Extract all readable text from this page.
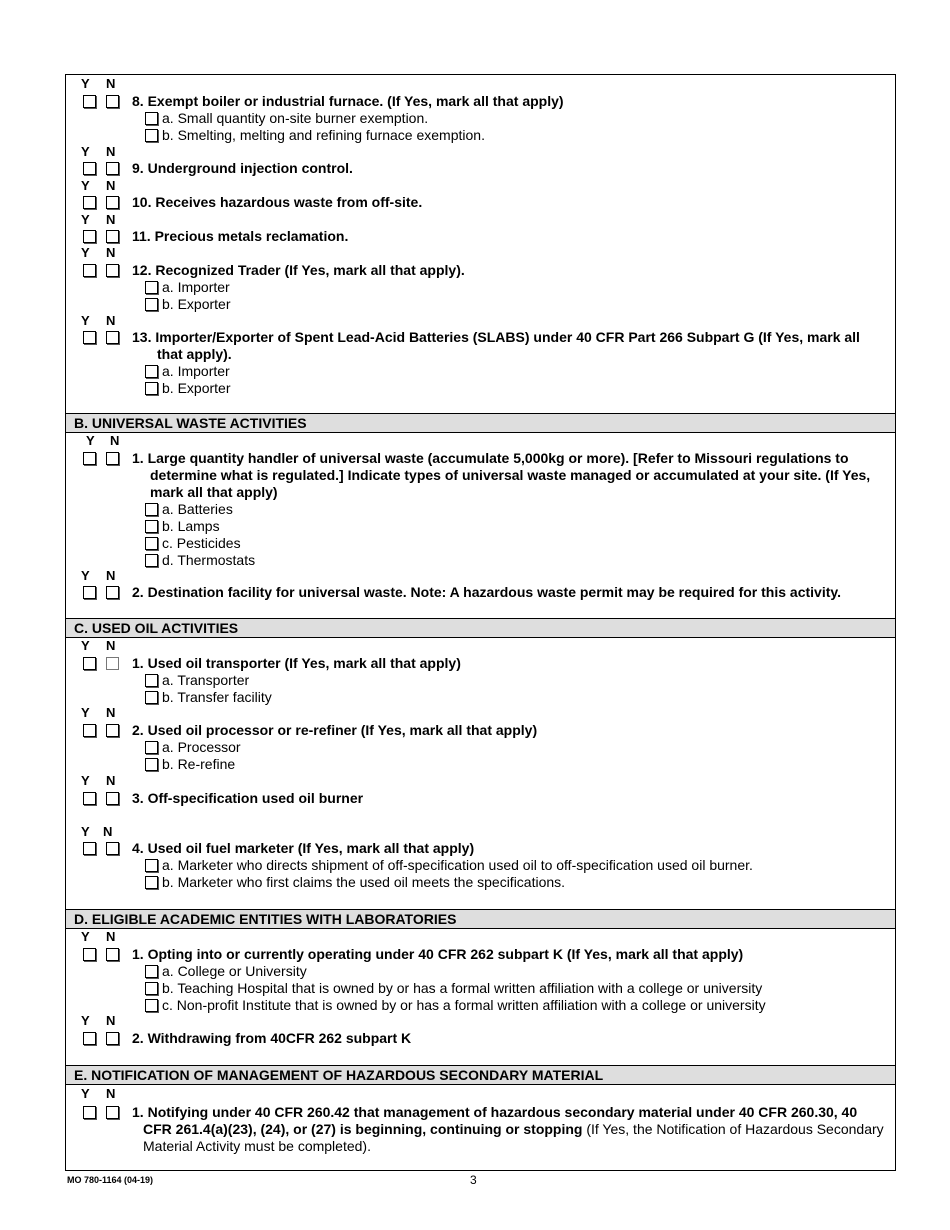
Y N
8. Exempt boiler or industrial furnace. (If Yes, mark all that apply)
a. Small quantity on-site burner exemption.
b. Smelting, melting and refining furnace exemption.
Y N
9. Underground injection control.
Y N
10. Receives hazardous waste from off-site.
Y N
11. Precious metals reclamation.
Y N
12. Recognized Trader (If Yes, mark all that apply).
a. Importer
b. Exporter
Y N
13. Importer/Exporter of Spent Lead-Acid Batteries (SLABS) under 40 CFR Part 266 Subpart G (If Yes, mark all
that apply).
a. Importer
b. Exporter
B. UNIVERSAL WASTE ACTIVITIES
Y N
1. Large quantity handler of universal waste (accumulate 5,000kg or more). [Refer to Missouri regulations to
determine what is regulated.] Indicate types of universal waste managed or accumulated at your site. (If Yes,
mark all that apply)
a. Batteries
b. Lamps
c. Pesticides
d. Thermostats
Y N
2. Destination facility for universal waste. Note: A hazardous waste permit may be required for this activity.
C. USED OIL ACTIVITIES
Y N
1. Used oil transporter (If Yes, mark all that apply)
a. Transporter
b. Transfer facility
Y N
2. Used oil processor or re-refiner (If Yes, mark all that apply)
a. Processor
b. Re-refine
Y N
3. Off-specification used oil burner
Y N
4. Used oil fuel marketer (If Yes, mark all that apply)
a. Marketer who directs shipment of off-specification used oil to off-specification used oil burner.
b. Marketer who first claims the used oil meets the specifications.
D. ELIGIBLE ACADEMIC ENTITIES WITH LABORATORIES
Y N
1. Opting into or currently operating under 40 CFR 262 subpart K (If Yes, mark all that apply)
a. College or University
b. Teaching Hospital that is owned by or has a formal written affiliation with a college or university
c. Non-profit Institute that is owned by or has a formal written affiliation with a college or university
Y N
2. Withdrawing from 40CFR 262 subpart K
E. NOTIFICATION OF MANAGEMENT OF HAZARDOUS SECONDARY MATERIAL
Y N
1. Notifying under 40 CFR 260.42 that management of hazardous secondary material under 40 CFR 260.30, 40
CFR 261.4(a)(23), (24), or (27) is beginning, continuing or stopping (If Yes, the Notification of Hazardous Secondary
Material Activity must be completed).
MO 780-1164 (04-19)	3
